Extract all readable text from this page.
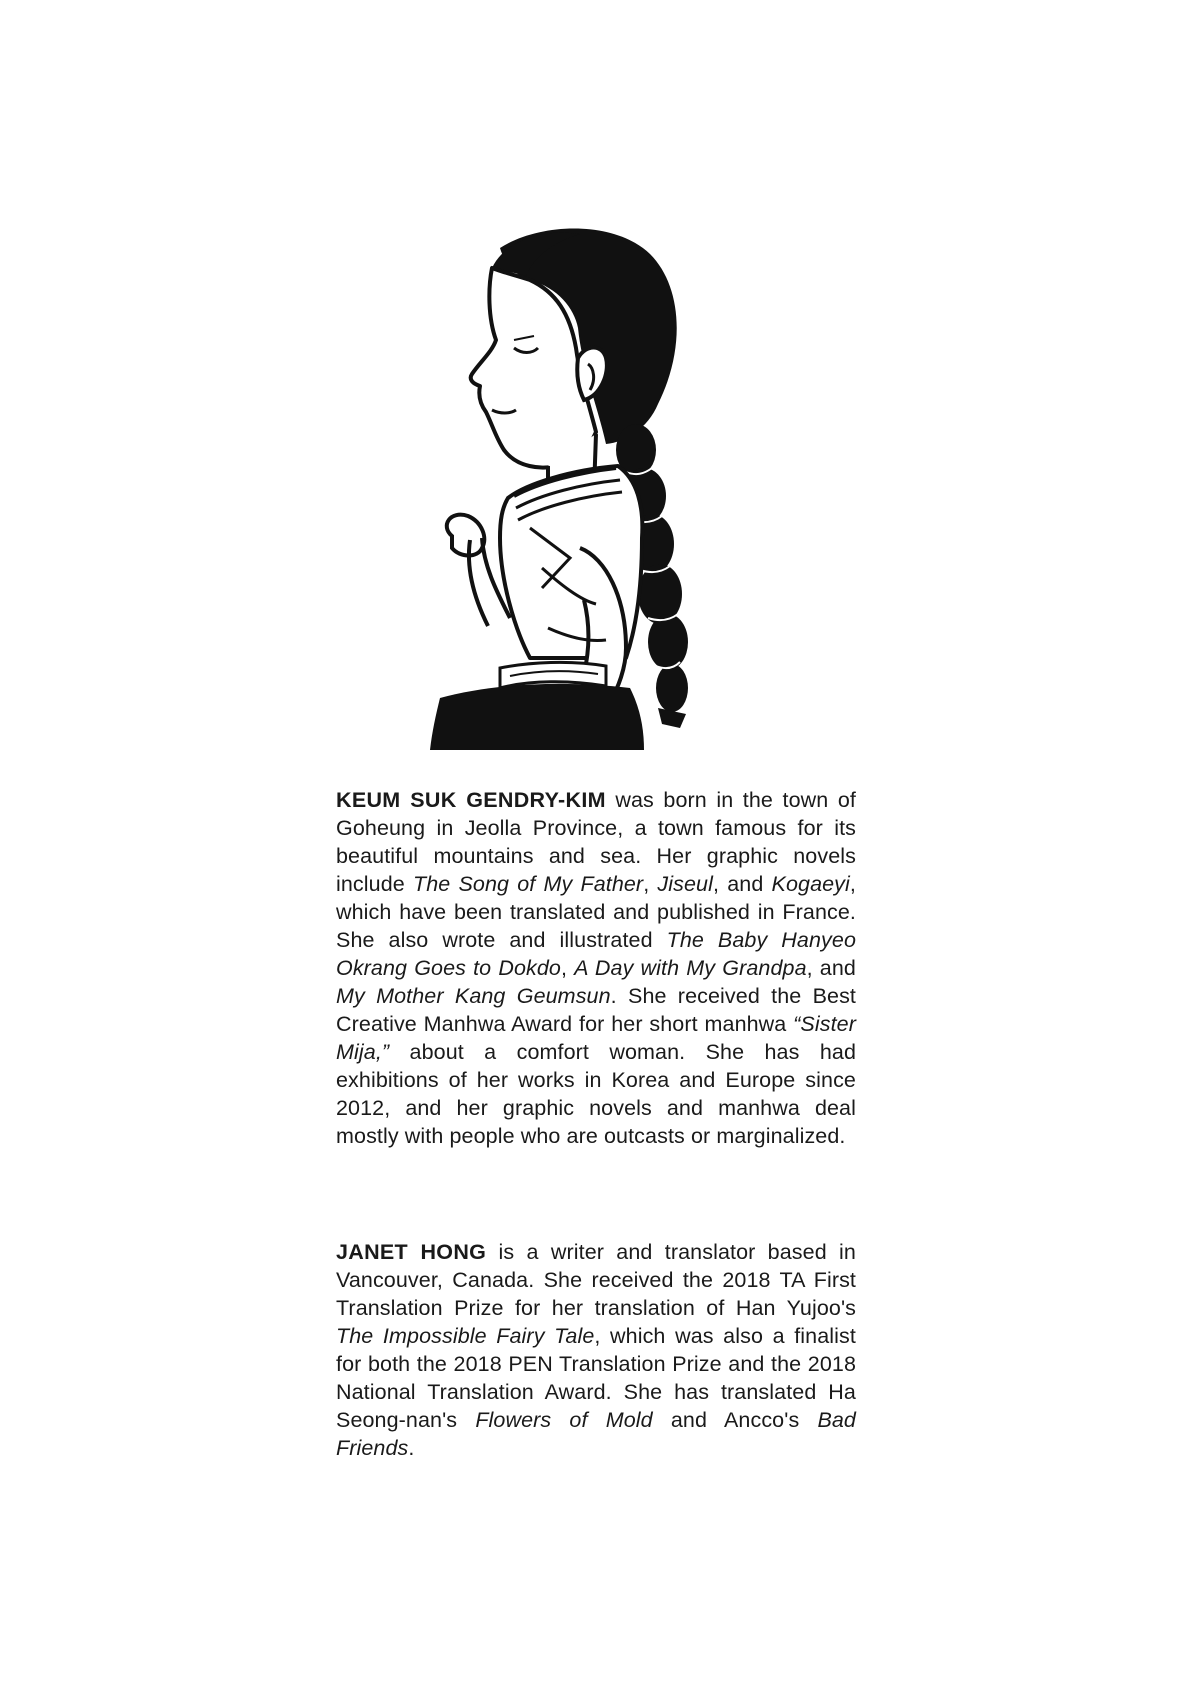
KEUM SUK GENDRY-KIM was born in the town of Goheung in Jeolla Province, a town famous for its beautiful mountains and sea. Her graphic novels include The Song of My Father, Jiseul, and Kogaeyi, which have been translated and published in France. She also wrote and illustrated The Baby Hanyeo Okrang Goes to Dokdo, A Day with My Grandpa, and My Mother Kang Geumsun. She received the Best Creative Manhwa Award for her short manhwa “Sister Mija,” about a comfort woman. She has had exhibitions of her works in Korea and Europe since 2012, and her graphic novels and manhwa deal mostly with people who are outcasts or marginalized.

JANET HONG is a writer and translator based in Vancouver, Canada. She received the 2018 TA First Translation Prize for her translation of Han Yujoo's The Impossible Fairy Tale, which was also a finalist for both the 2018 PEN Translation Prize and the 2018 National Translation Award. She has translated Ha Seong-nan's Flowers of Mold and Ancco's Bad Friends.
